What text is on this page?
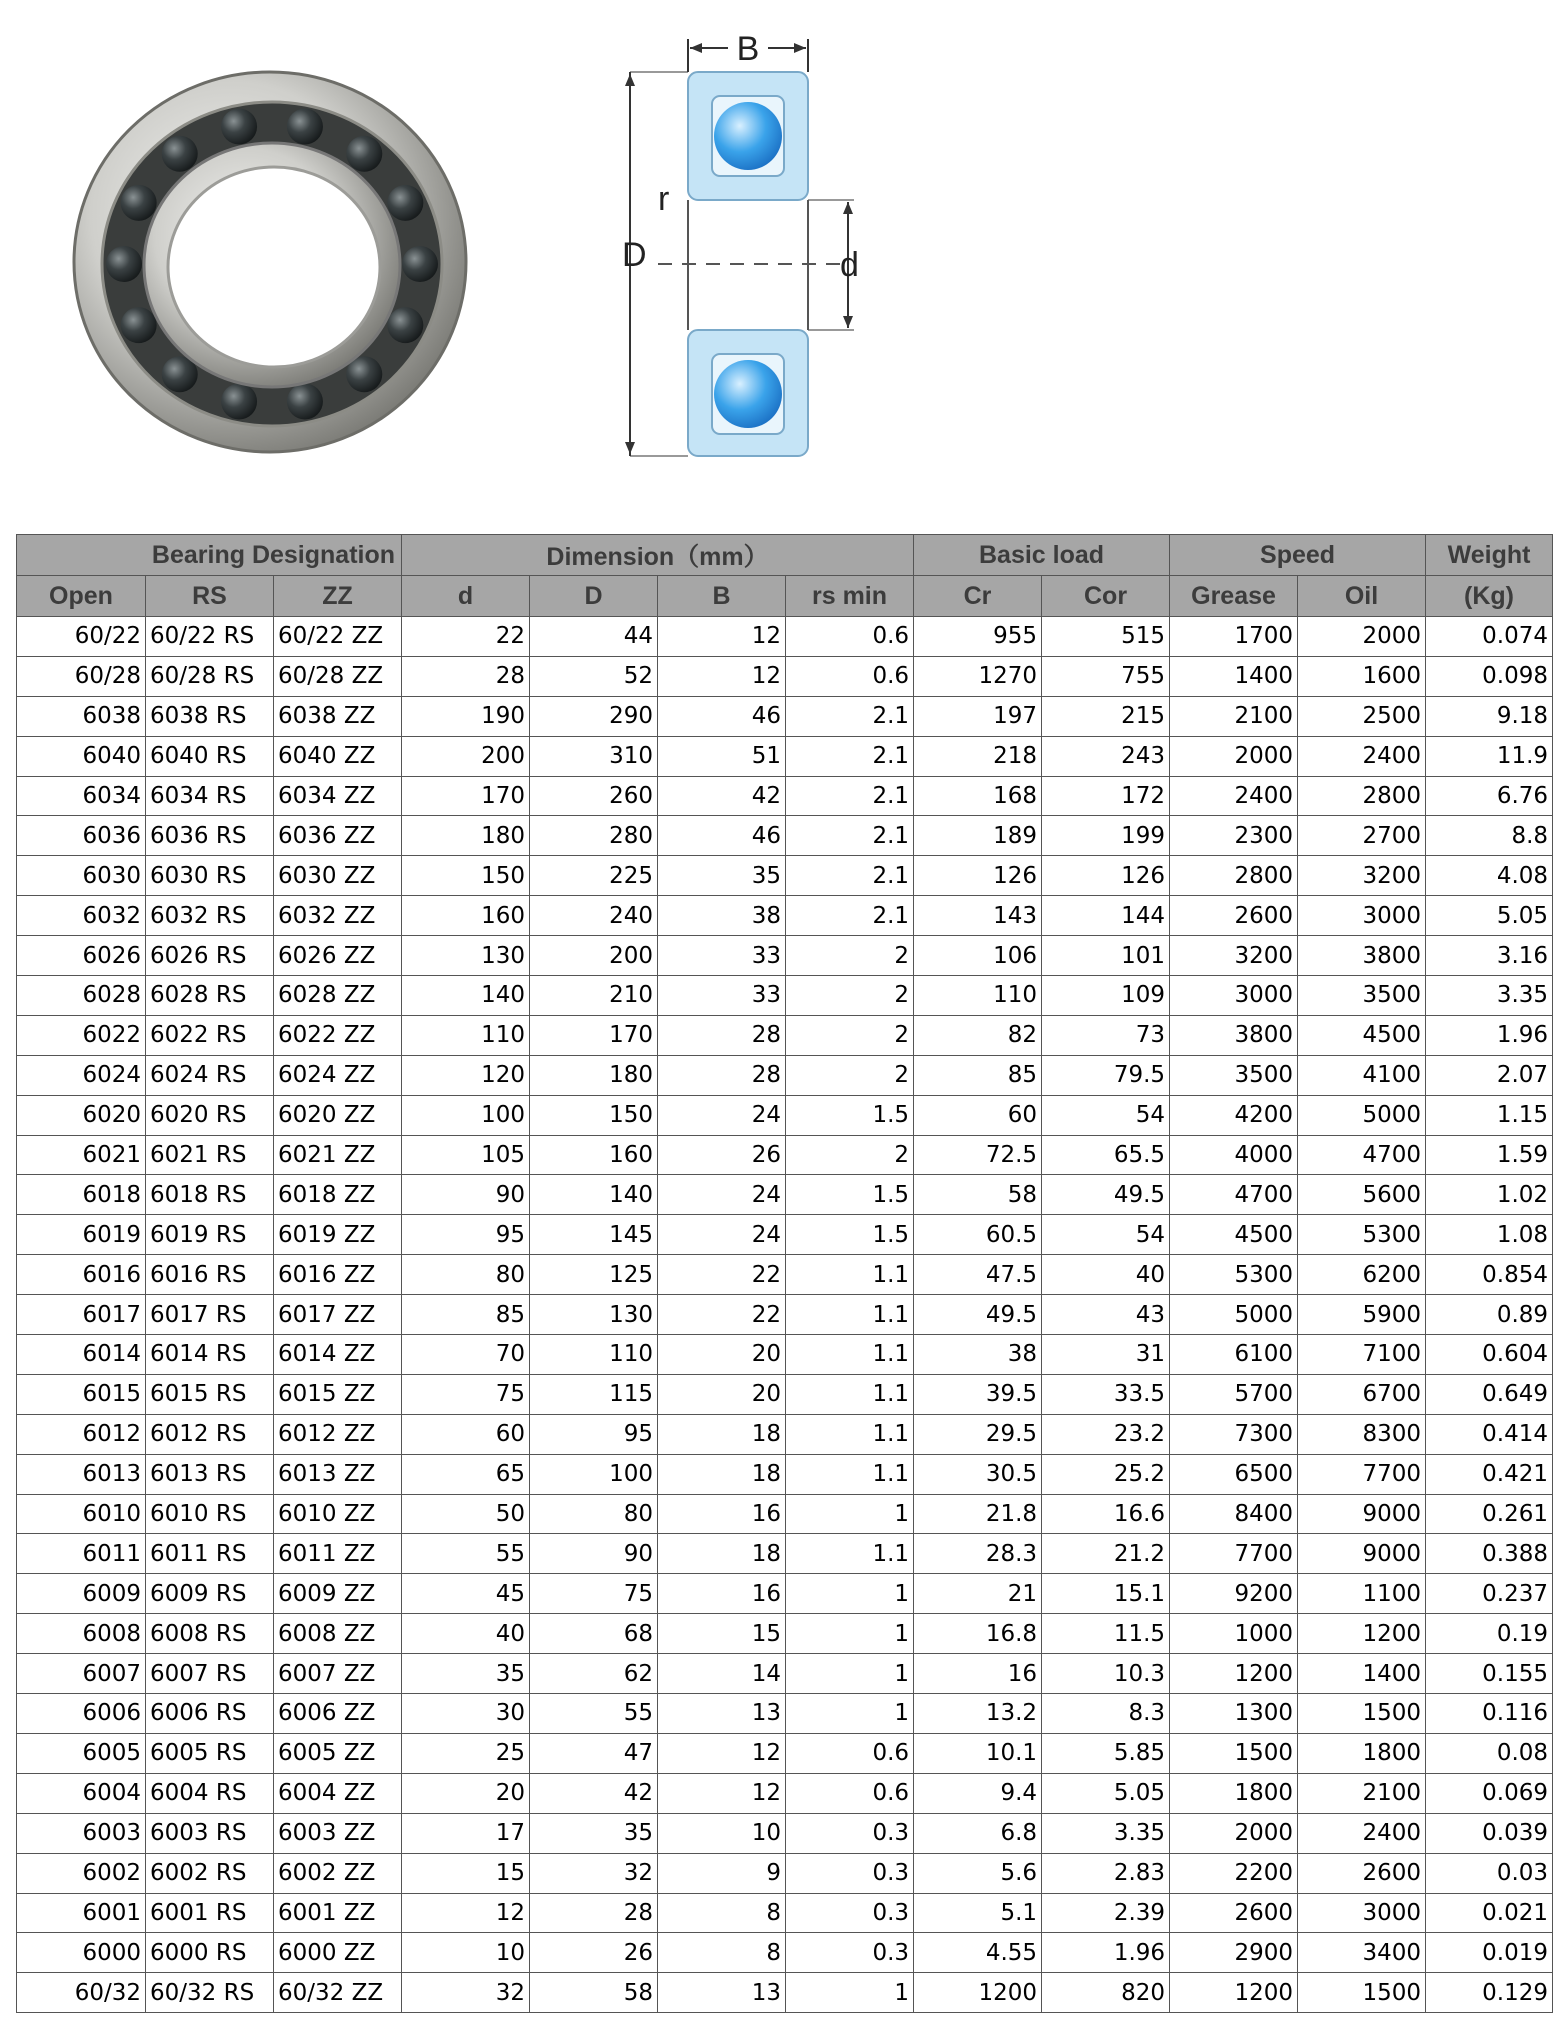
B
D
r
d
Bearing Designation			Dimension（mm）				Basic load		Speed		Weight
Open	RS	ZZ	d	D	B	rs min	Cr	Cor	Grease	Oil	(Kg)
60/22	60/22 RS	60/22 ZZ	22	44	12	0.6	955	515	1700	2000	0.074
60/28	60/28 RS	60/28 ZZ	28	52	12	0.6	1270	755	1400	1600	0.098
6038	6038 RS	6038 ZZ	190	290	46	2.1	197	215	2100	2500	9.18
6040	6040 RS	6040 ZZ	200	310	51	2.1	218	243	2000	2400	11.9
6034	6034 RS	6034 ZZ	170	260	42	2.1	168	172	2400	2800	6.76
6036	6036 RS	6036 ZZ	180	280	46	2.1	189	199	2300	2700	8.8
6030	6030 RS	6030 ZZ	150	225	35	2.1	126	126	2800	3200	4.08
6032	6032 RS	6032 ZZ	160	240	38	2.1	143	144	2600	3000	5.05
6026	6026 RS	6026 ZZ	130	200	33	2	106	101	3200	3800	3.16
6028	6028 RS	6028 ZZ	140	210	33	2	110	109	3000	3500	3.35
6022	6022 RS	6022 ZZ	110	170	28	2	82	73	3800	4500	1.96
6024	6024 RS	6024 ZZ	120	180	28	2	85	79.5	3500	4100	2.07
6020	6020 RS	6020 ZZ	100	150	24	1.5	60	54	4200	5000	1.15
6021	6021 RS	6021 ZZ	105	160	26	2	72.5	65.5	4000	4700	1.59
6018	6018 RS	6018 ZZ	90	140	24	1.5	58	49.5	4700	5600	1.02
6019	6019 RS	6019 ZZ	95	145	24	1.5	60.5	54	4500	5300	1.08
6016	6016 RS	6016 ZZ	80	125	22	1.1	47.5	40	5300	6200	0.854
6017	6017 RS	6017 ZZ	85	130	22	1.1	49.5	43	5000	5900	0.89
6014	6014 RS	6014 ZZ	70	110	20	1.1	38	31	6100	7100	0.604
6015	6015 RS	6015 ZZ	75	115	20	1.1	39.5	33.5	5700	6700	0.649
6012	6012 RS	6012 ZZ	60	95	18	1.1	29.5	23.2	7300	8300	0.414
6013	6013 RS	6013 ZZ	65	100	18	1.1	30.5	25.2	6500	7700	0.421
6010	6010 RS	6010 ZZ	50	80	16	1	21.8	16.6	8400	9000	0.261
6011	6011 RS	6011 ZZ	55	90	18	1.1	28.3	21.2	7700	9000	0.388
6009	6009 RS	6009 ZZ	45	75	16	1	21	15.1	9200	1100	0.237
6008	6008 RS	6008 ZZ	40	68	15	1	16.8	11.5	1000	1200	0.19
6007	6007 RS	6007 ZZ	35	62	14	1	16	10.3	1200	1400	0.155
6006	6006 RS	6006 ZZ	30	55	13	1	13.2	8.3	1300	1500	0.116
6005	6005 RS	6005 ZZ	25	47	12	0.6	10.1	5.85	1500	1800	0.08
6004	6004 RS	6004 ZZ	20	42	12	0.6	9.4	5.05	1800	2100	0.069
6003	6003 RS	6003 ZZ	17	35	10	0.3	6.8	3.35	2000	2400	0.039
6002	6002 RS	6002 ZZ	15	32	9	0.3	5.6	2.83	2200	2600	0.03
6001	6001 RS	6001 ZZ	12	28	8	0.3	5.1	2.39	2600	3000	0.021
6000	6000 RS	6000 ZZ	10	26	8	0.3	4.55	1.96	2900	3400	0.019
60/32	60/32 RS	60/32 ZZ	32	58	13	1	1200	820	1200	1500	0.129
